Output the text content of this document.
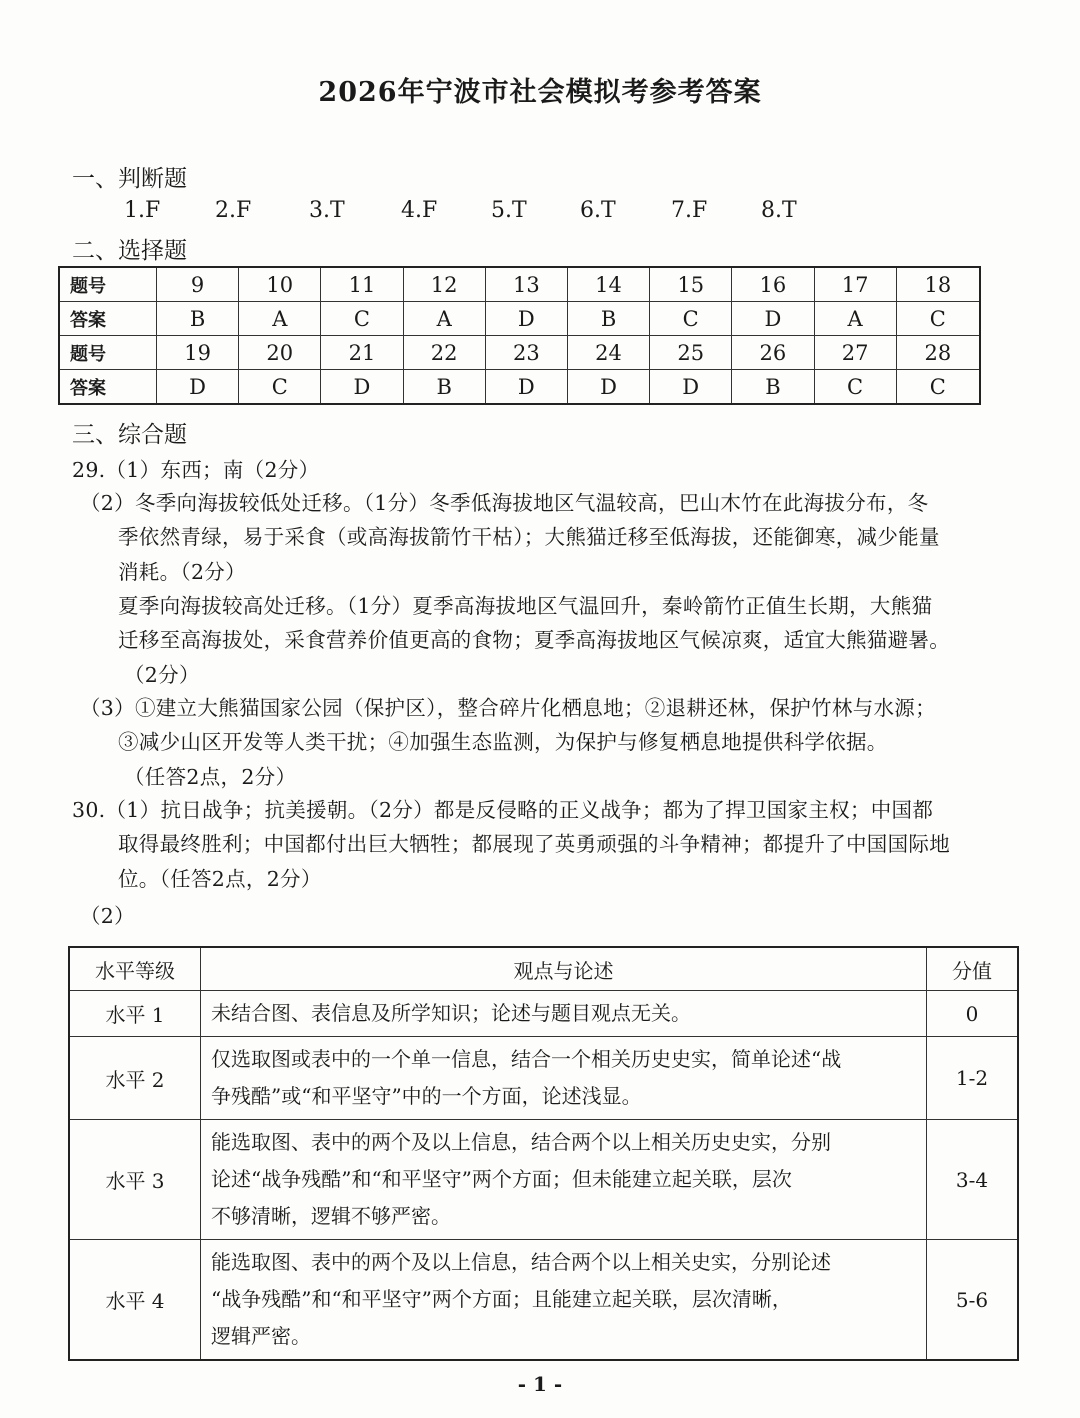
2026年宁波市社会模拟考参考答案
一、判断题
1.F 2.F	3.T	4.F 5.T 6.T	7.F 8.T
二、选择题
题号	9	10	11	12	13	14	15	16	17	18
答案	B	A	C	A	D	B	C	D	A	C
题号	19	20	21	22	23	24	25	26	27	28
答案	D	C	D	B	D	D	D	B	C	C
三、综合题
29.（1）东西；南（2分）
（2）冬季向海拔较低处迁移。（1分）冬季低海拔地区气温较高，巴山木竹在此海拔分布，冬
季依然青绿，易于采食（或高海拔箭竹干枯）；大熊猫迁移至低海拔，还能御寒，减少能量
消耗。（2分）
夏季向海拔较高处迁移。（1分）夏季高海拔地区气温回升，秦岭箭竹正值生长期，大熊猫
迁移至高海拔处，采食营养价值更高的食物；夏季高海拔地区气候凉爽，适宜大熊猫避暑。
（2分）
（3）①建立大熊猫国家公园（保护区），整合碎片化栖息地；②退耕还林，保护竹林与水源；
③减少山区开发等人类干扰；④加强生态监测，为保护与修复栖息地提供科学依据。
（任答2点，2分）
30.（1）抗日战争；抗美援朝。（2分）都是反侵略的正义战争；都为了捍卫国家主权；中国都
取得最终胜利；中国都付出巨大牺牲；都展现了英勇顽强的斗争精神；都提升了中国国际地
位。（任答2点，2分）
（2）
水平等级	观点与论述	分值
水平 1	未结合图、表信息及所学知识；论述与题目观点无关。	0
水平 2	仅选取图或表中的一个单一信息，结合一个相关历史史实，简单论述“战
争残酷”或“和平坚守”中的一个方面，论述浅显。	1-2
水平 3	能选取图、表中的两个及以上信息，结合两个以上相关历史史实，分别
论述“战争残酷”和“和平坚守”两个方面；但未能建立起关联，层次
不够清晰，逻辑不够严密。	3-4
水平 4	能选取图、表中的两个及以上信息，结合两个以上相关史实，分别论述
“战争残酷”和“和平坚守”两个方面；且能建立起关联，层次清晰，
逻辑严密。	5-6
- 1 -
